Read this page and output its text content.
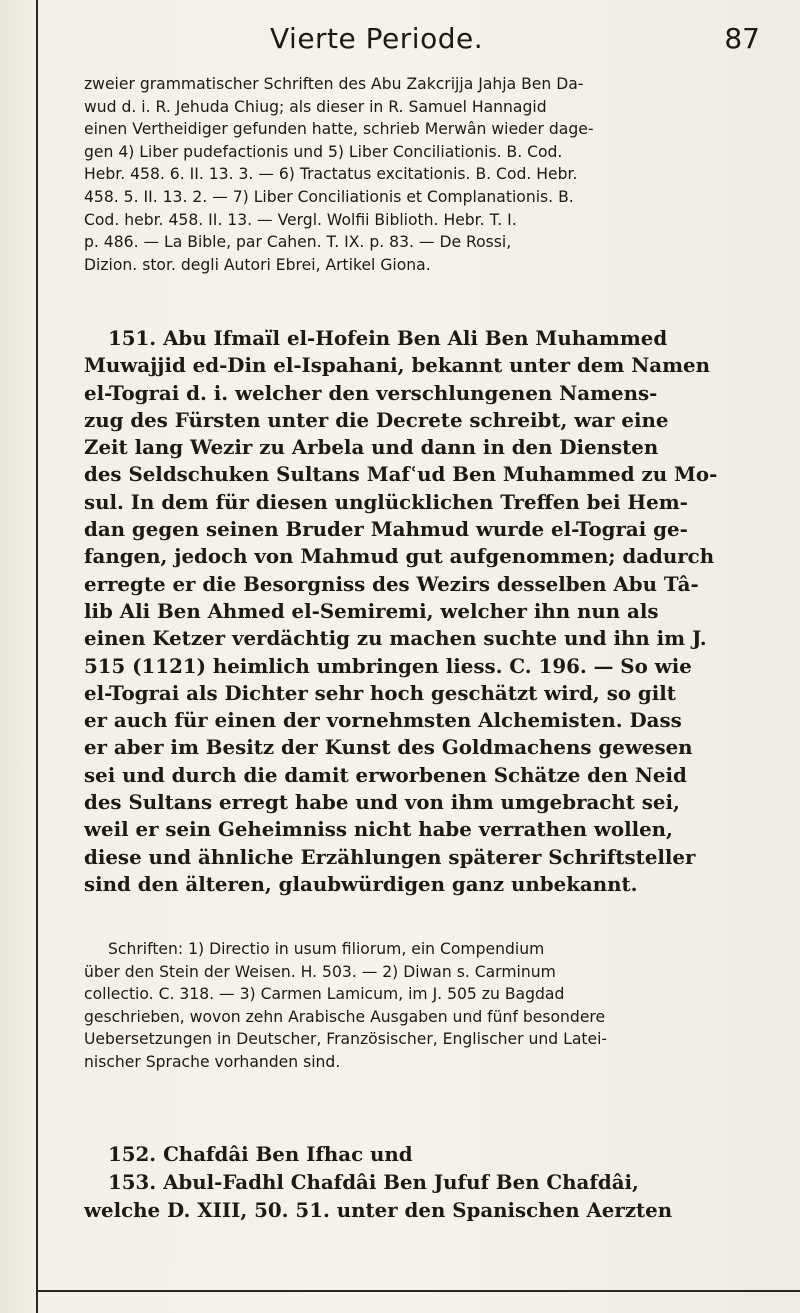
Vierte Periode.	87
zweier grammatischer Schriften des Abu Zakcrijja Jahja Ben Da-
wud d. i. R. Jehuda Chiug; als dieser in R. Samuel Hannagid
einen Vertheidiger gefunden hatte, schrieb Merwân wieder dage-
gen 4) Liber pudefactionis und 5) Liber Conciliationis. B. Cod.
Hebr. 458. 6. II. 13. 3. — 6) Tractatus excitationis. B. Cod. Hebr.
458. 5. II. 13. 2. — 7) Liber Conciliationis et Complanationis. B.
Cod. hebr. 458. II. 13. — Vergl. Wolfii Biblioth. Hebr. T. I.
p. 486. — La Bible, par Cahen. T. IX. p. 83. — De Rossi,
Dizion. stor. degli Autori Ebrei, Artikel Giona.
151. Abu Ifmaïl el-Hofein Ben Ali Ben Muhammed
Muwajjid ed-Din el-Ispahani, bekannt unter dem Namen
el-Tograi d. i. welcher den verschlungenen Namens-
zug des Fürsten unter die Decrete schreibt, war eine
Zeit lang Wezir zu Arbela und dann in den Diensten
des Seldschuken Sultans Mafʿud Ben Muhammed zu Mo-
sul. In dem für diesen unglücklichen Treffen bei Hem-
dan gegen seinen Bruder Mahmud wurde el-Tograi ge-
fangen, jedoch von Mahmud gut aufgenommen; dadurch
erregte er die Besorgniss des Wezirs desselben Abu Tâ-
lib Ali Ben Ahmed el-Semiremi, welcher ihn nun als
einen Ketzer verdächtig zu machen suchte und ihn im J.
515 (1121) heimlich umbringen liess. C. 196. — So wie
el-Tograi als Dichter sehr hoch geschätzt wird, so gilt
er auch für einen der vornehmsten Alchemisten. Dass
er aber im Besitz der Kunst des Goldmachens gewesen
sei und durch die damit erworbenen Schätze den Neid
des Sultans erregt habe und von ihm umgebracht sei,
weil er sein Geheimniss nicht habe verrathen wollen,
diese und ähnliche Erzählungen späterer Schriftsteller
sind den älteren, glaubwürdigen ganz unbekannt.
Schriften: 1) Directio in usum filiorum, ein Compendium
über den Stein der Weisen. H. 503. — 2) Diwan s. Carminum
collectio. C. 318. — 3) Carmen Lamicum, im J. 505 zu Bagdad
geschrieben, wovon zehn Arabische Ausgaben und fünf besondere
Uebersetzungen in Deutscher, Französischer, Englischer und Latei-
nischer Sprache vorhanden sind.
152. Chafdâi Ben Ifhac und
153. Abul-Fadhl Chafdâi Ben Jufuf Ben Chafdâi,
welche D. XIII, 50. 51. unter den Spanischen Aerzten
